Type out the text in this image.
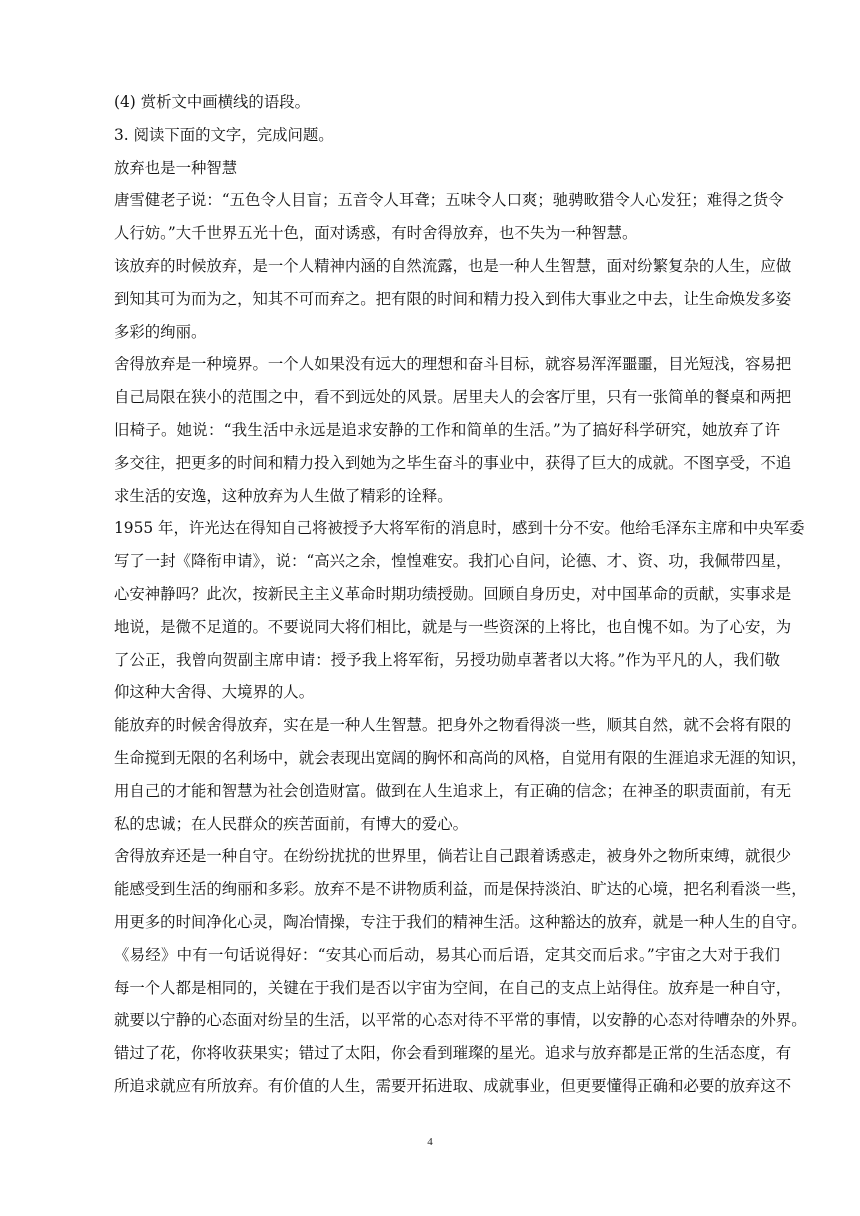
(4) 赏析文中画横线的语段。
3. 阅读下面的文字，完成问题。
放弃也是一种智慧
唐雪健老子说：“五色令人目盲；五音令人耳聋；五味令人口爽；驰骋畋猎令人心发狂；难得之货令
人行妨。”大千世界五光十色，面对诱惑，有时舍得放弃，也不失为一种智慧。
该放弃的时候放弃，是一个人精神内涵的自然流露，也是一种人生智慧，面对纷繁复杂的人生，应做
到知其可为而为之，知其不可而弃之。把有限的时间和精力投入到伟大事业之中去，让生命焕发多姿
多彩的绚丽。
舍得放弃是一种境界。一个人如果没有远大的理想和奋斗目标，就容易浑浑噩噩，目光短浅，容易把
自己局限在狭小的范围之中，看不到远处的风景。居里夫人的会客厅里，只有一张简单的餐桌和两把
旧椅子。她说：“我生活中永远是追求安静的工作和简单的生活。”为了搞好科学研究，她放弃了许
多交往，把更多的时间和精力投入到她为之毕生奋斗的事业中，获得了巨大的成就。不图享受，不追
求生活的安逸，这种放弃为人生做了精彩的诠释。
1955 年，许光达在得知自己将被授予大将军衔的消息时，感到十分不安。他给毛泽东主席和中央军委
写了一封《降衔申请》，说：“高兴之余，惶惶难安。我扪心自问，论德、才、资、功，我佩带四星，
心安神静吗？此次，按新民主主义革命时期功绩授勋。回顾自身历史，对中国革命的贡献，实事求是
地说，是微不足道的。不要说同大将们相比，就是与一些资深的上将比，也自愧不如。为了心安，为
了公正，我曾向贺副主席申请：授予我上将军衔，另授功勋卓著者以大将。”作为平凡的人，我们敬
仰这种大舍得、大境界的人。
能放弃的时候舍得放弃，实在是一种人生智慧。把身外之物看得淡一些，顺其自然，就不会将有限的
生命搅到无限的名利场中，就会表现出宽阔的胸怀和高尚的风格，自觉用有限的生涯追求无涯的知识，
用自己的才能和智慧为社会创造财富。做到在人生追求上，有正确的信念；在神圣的职责面前，有无
私的忠诚；在人民群众的疾苦面前，有博大的爱心。
舍得放弃还是一种自守。在纷纷扰扰的世界里，倘若让自己跟着诱惑走，被身外之物所束缚，就很少
能感受到生活的绚丽和多彩。放弃不是不讲物质利益，而是保持淡泊、旷达的心境，把名利看淡一些，
用更多的时间净化心灵，陶冶情操，专注于我们的精神生活。这种豁达的放弃，就是一种人生的自守。
《易经》中有一句话说得好：“安其心而后动，易其心而后语，定其交而后求。”宇宙之大对于我们
每一个人都是相同的，关键在于我们是否以宇宙为空间，在自己的支点上站得住。放弃是一种自守，
就要以宁静的心态面对纷呈的生活，以平常的心态对待不平常的事情，以安静的心态对待嘈杂的外界。
错过了花，你将收获果实；错过了太阳，你会看到璀璨的星光。追求与放弃都是正常的生活态度，有
所追求就应有所放弃。有价值的人生，需要开拓进取、成就事业，但更要懂得正确和必要的放弃这不
4
